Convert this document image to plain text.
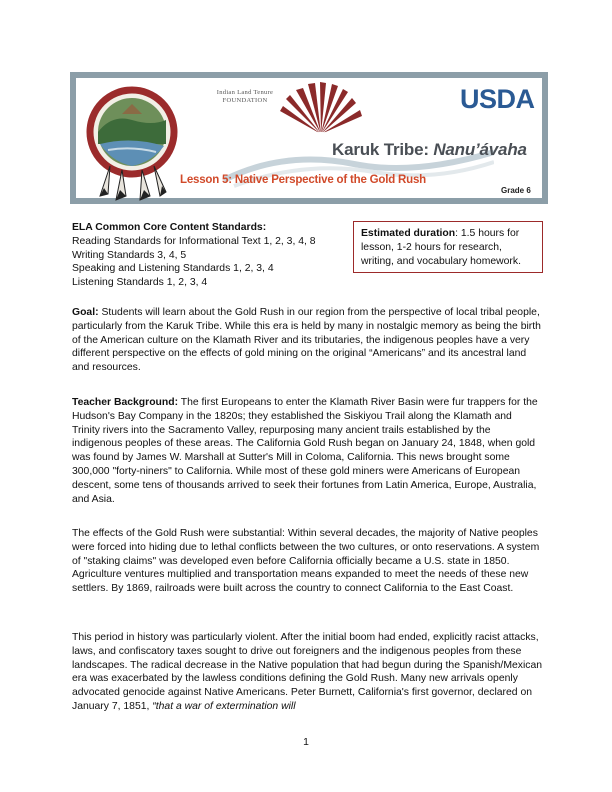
Indian Land Tenure
FOUNDATION	USDA
Karuk Tribe: Nanu’ávaha
Lesson 5: Native Perspective of the Gold Rush
Grade 6
ELA Common Core Content Standards:
Reading Standards for Informational Text 1, 2, 3, 4, 8
Writing Standards 3, 4, 5
Speaking and Listening Standards 1, 2, 3, 4
Listening Standards 1, 2, 3, 4
Estimated duration: 1.5 hours for lesson, 1-2 hours for research, writing, and vocabulary homework.
Goal: Students will learn about the Gold Rush in our region from the perspective of local tribal people, particularly from the Karuk Tribe. While this era is held by many in nostalgic memory as being the birth of the American culture on the Klamath River and its tributaries, the indigenous peoples have a very different perspective on the effects of gold mining on the original “Americans” and its ancestral land and resources.
Teacher Background: The first Europeans to enter the Klamath River Basin were fur trappers for the Hudson's Bay Company in the 1820s; they established the Siskiyou Trail along the Klamath and Trinity rivers into the Sacramento Valley, repurposing many ancient trails established by the indigenous peoples of these areas. The California Gold Rush began on January 24, 1848, when gold was found by James W. Marshall at Sutter's Mill in Coloma, California. This news brought some 300,000 "forty-niners" to California. While most of these gold miners were Americans of European descent, some tens of thousands arrived to seek their fortunes from Latin America, Europe, Australia, and Asia.
The effects of the Gold Rush were substantial: Within several decades, the majority of Native peoples were forced into hiding due to lethal conflicts between the two cultures, or onto reservations. A system of "staking claims" was developed even before California officially became a U.S. state in 1850. Agriculture ventures multiplied and transportation means expanded to meet the needs of these new settlers. By 1869, railroads were built across the country to connect California to the East Coast.
This period in history was particularly violent. After the initial boom had ended, explicitly racist attacks, laws, and confiscatory taxes sought to drive out foreigners and the indigenous peoples from these landscapes. The radical decrease in the Native population that had begun during the Spanish/Mexican era was exacerbated by the lawless conditions defining the Gold Rush. Many new arrivals openly advocated genocide against Native Americans. Peter Burnett, California's first governor, declared on January 7, 1851, “that a war of extermination will
1
